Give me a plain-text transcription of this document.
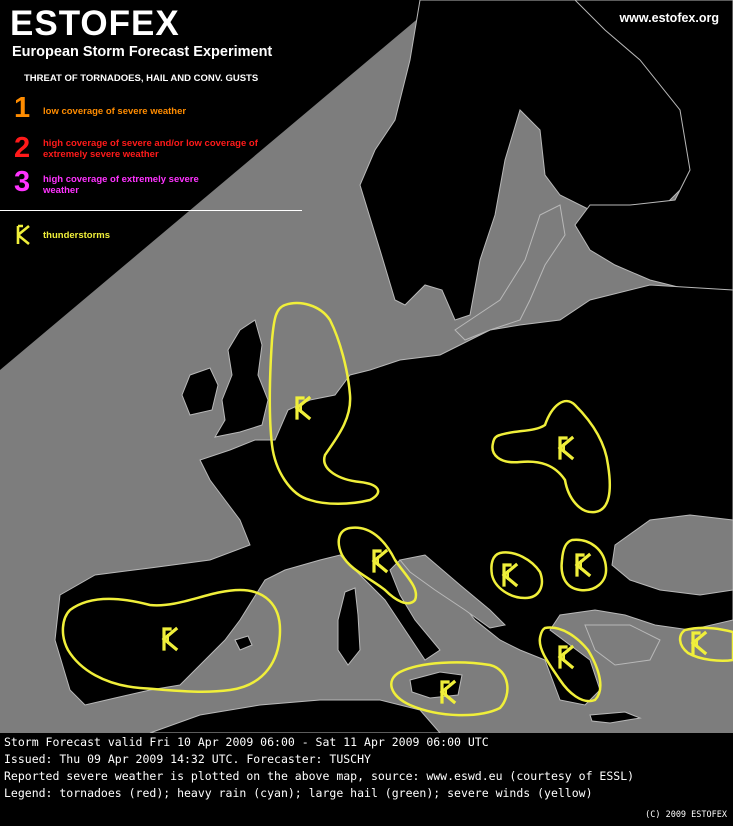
ESTOFEX
European Storm Forecast Experiment
www.estofex.org
THREAT OF TORNADOES, HAIL AND CONV. GUSTS
1 low coverage of severe weather
2 high coverage of severe and/or low coverage of extremely severe weather
3 high coverage of extremely severe weather
thunderstorms
Storm Forecast valid Fri 10 Apr 2009 06:00 - Sat 11 Apr 2009 06:00 UTC
Issued: Thu 09 Apr 2009 14:32 UTC. Forecaster: TUSCHY
Reported severe weather is plotted on the above map, source: www.eswd.eu (courtesy of ESSL)
Legend: tornadoes (red); heavy rain (cyan); large hail (green); severe winds (yellow)
(C) 2009 ESTOFEX
